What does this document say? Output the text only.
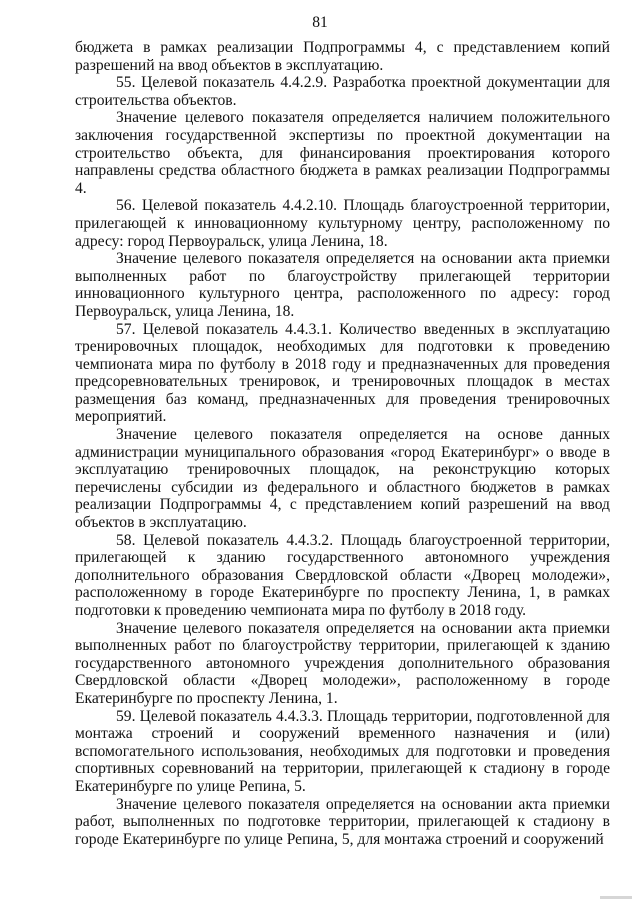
81

бюджета в рамках реализации Подпрограммы 4, с представлением копий разрешений на ввод объектов в эксплуатацию.

55. Целевой показатель 4.4.2.9. Разработка проектной документации для строительства объектов.

Значение целевого показателя определяется наличием положительного заключения государственной экспертизы по проектной документации на строительство объекта, для финансирования проектирования которого направлены средства областного бюджета в рамках реализации Подпрограммы 4.

56. Целевой показатель 4.4.2.10. Площадь благоустроенной территории, прилегающей к инновационному культурному центру, расположенному по адресу: город Первоуральск, улица Ленина, 18.

Значение целевого показателя определяется на основании акта приемки выполненных работ по благоустройству прилегающей территории инновационного культурного центра, расположенного по адресу: город Первоуральск, улица Ленина, 18.

57. Целевой показатель 4.4.3.1. Количество введенных в эксплуатацию тренировочных площадок, необходимых для подготовки к проведению чемпионата мира по футболу в 2018 году и предназначенных для проведения предсоревновательных тренировок, и тренировочных площадок в местах размещения баз команд, предназначенных для проведения тренировочных мероприятий.

Значение целевого показателя определяется на основе данных администрации муниципального образования «город Екатеринбург» о вводе в эксплуатацию тренировочных площадок, на реконструкцию которых перечислены субсидии из федерального и областного бюджетов в рамках реализации Подпрограммы 4, с представлением копий разрешений на ввод объектов в эксплуатацию.

58. Целевой показатель 4.4.3.2. Площадь благоустроенной территории, прилегающей к зданию государственного автономного учреждения дополнительного образования Свердловской области «Дворец молодежи», расположенному в городе Екатеринбурге по проспекту Ленина, 1, в рамках подготовки к проведению чемпионата мира по футболу в 2018 году.

Значение целевого показателя определяется на основании акта приемки выполненных работ по благоустройству территории, прилегающей к зданию государственного автономного учреждения дополнительного образования Свердловской области «Дворец молодежи», расположенному в городе Екатеринбурге по проспекту Ленина, 1.

59. Целевой показатель 4.4.3.3. Площадь территории, подготовленной для монтажа строений и сооружений временного назначения и (или) вспомогательного использования, необходимых для подготовки и проведения спортивных соревнований на территории, прилегающей к стадиону в городе Екатеринбурге по улице Репина, 5.

Значение целевого показателя определяется на основании акта приемки работ, выполненных по подготовке территории, прилегающей к стадиону в городе Екатеринбурге по улице Репина, 5, для монтажа строений и сооружений
